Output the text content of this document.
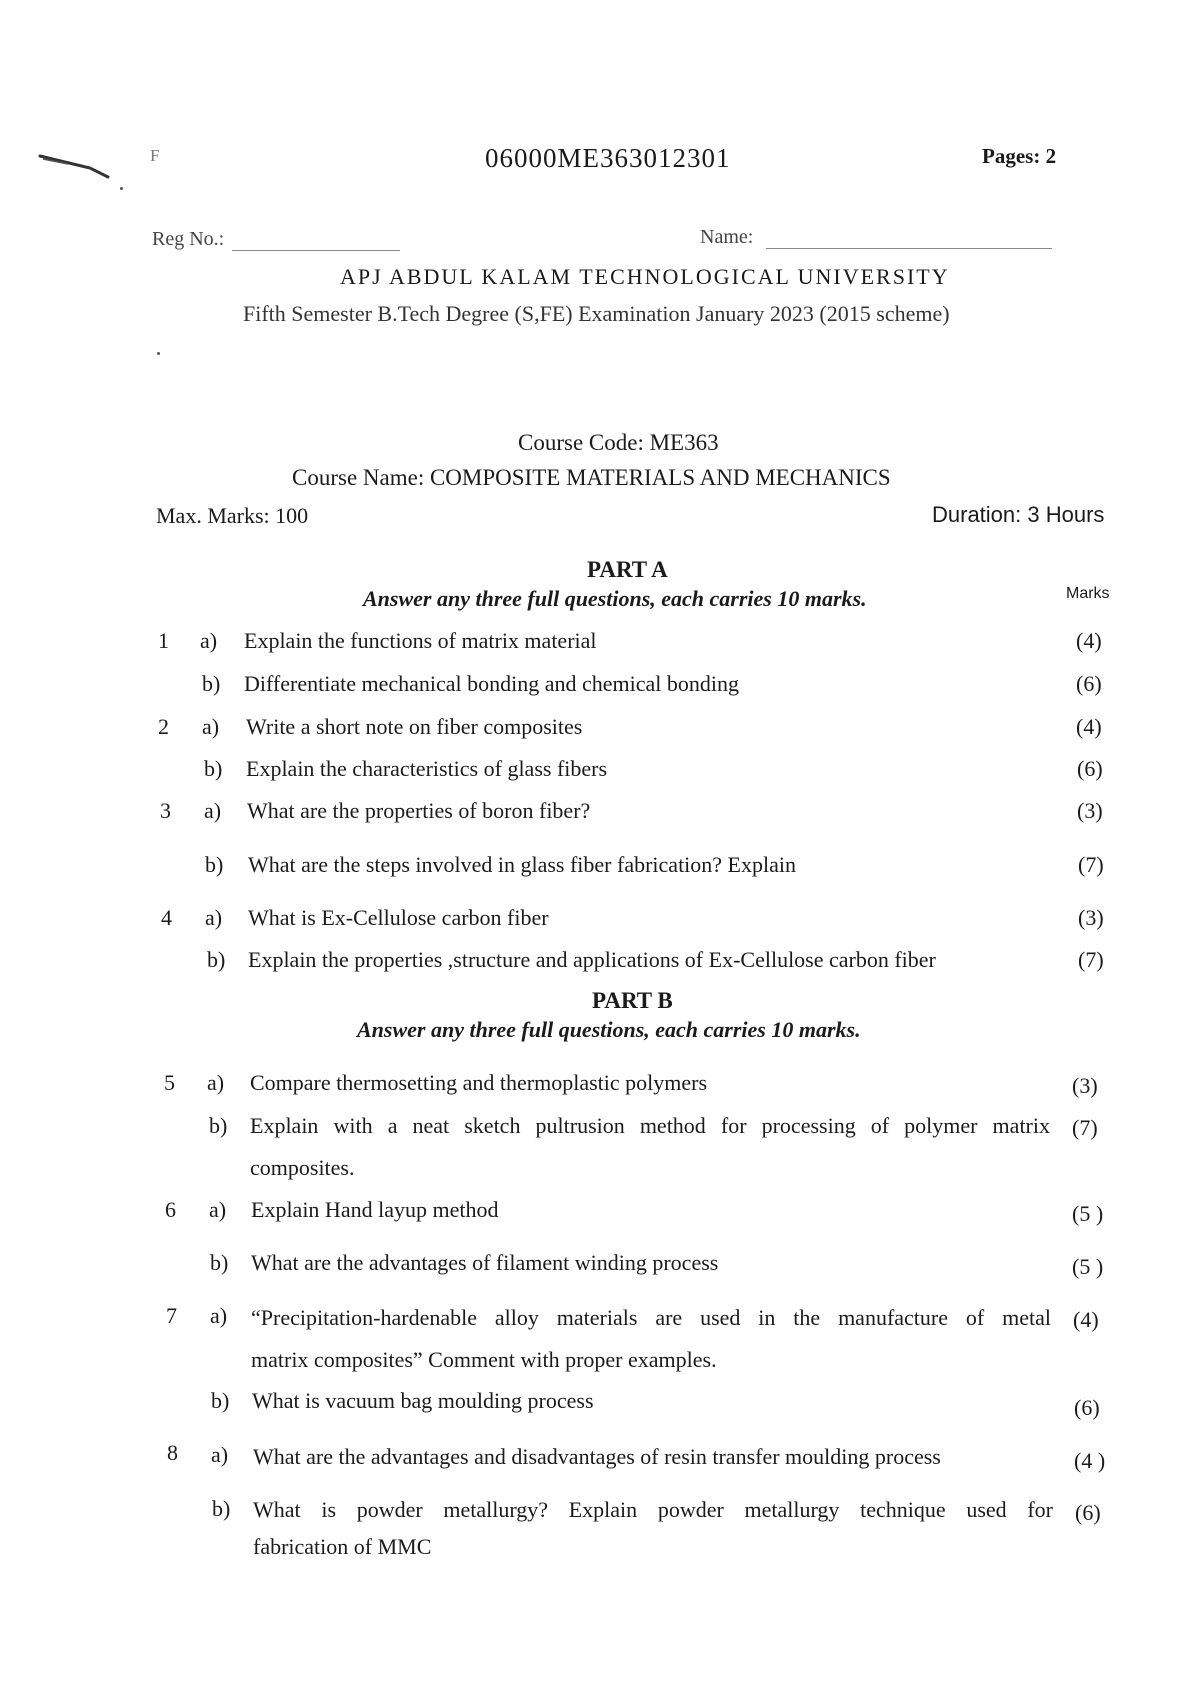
F	06000ME363012301	Pages: 2
Reg No.:	Name:
APJ ABDUL KALAM TECHNOLOGICAL UNIVERSITY
Fifth Semester B.Tech Degree (S,FE) Examination January 2023 (2015 scheme)
Course Code: ME363
Course Name: COMPOSITE MATERIALS AND MECHANICS
Max. Marks: 100	Duration: 3 Hours
PART A
Answer any three full questions, each carries 10 marks.	Marks
1 a) Explain the functions of matrix material	(4)
b) Differentiate mechanical bonding and chemical bonding	(6)
2 a) Write a short note on fiber composites	(4)
b) Explain the characteristics of glass fibers	(6)
3 a) What are the properties of boron fiber?	(3)
b) What are the steps involved in glass fiber fabrication? Explain	(7)
4 a) What is Ex-Cellulose carbon fiber	(3)
b) Explain the properties ,structure and applications of Ex-Cellulose carbon fiber	(7)
PART B
Answer any three full questions, each carries 10 marks.
5 a) Compare thermosetting and thermoplastic polymers	(3)
b) Explain with a neat sketch pultrusion method for processing of polymer matrix
composites.
(7)
6 a) Explain Hand layup method	(5 )
b) What are the advantages of filament winding process	(5 )
7 a) “Precipitation-hardenable alloy materials are used in the manufacture of metal
matrix composites” Comment with proper examples.
(4)
b) What is vacuum bag moulding process	(6)
8 a) What are the advantages and disadvantages of resin transfer moulding process	(4 )
b) What is powder metallurgy? Explain powder metallurgy technique used for
fabrication of MMC
(6)
